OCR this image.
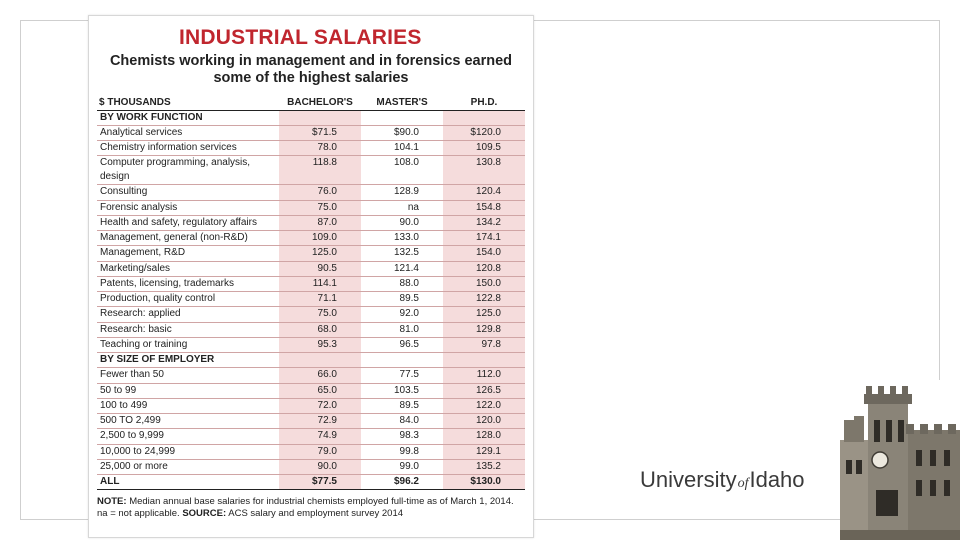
INDUSTRIAL SALARIES
Chemists working in management and in forensics earned
some of the highest salaries
$ THOUSANDS	BACHELOR'S	MASTER'S	PH.D.
BY WORK FUNCTION			
Analytical services	$71.5	$90.0	$120.0
Chemistry information services	78.0	104.1	109.5
Computer programming, analysis, design	118.8	108.0	130.8
Consulting	76.0	128.9	120.4
Forensic analysis	75.0	na	154.8
Health and safety, regulatory affairs	87.0	90.0	134.2
Management, general (non-R&D)	109.0	133.0	174.1
Management, R&D	125.0	132.5	154.0
Marketing/sales	90.5	121.4	120.8
Patents, licensing, trademarks	114.1	88.0	150.0
Production, quality control	71.1	89.5	122.8
Research: applied	75.0	92.0	125.0
Research: basic	68.0	81.0	129.8
Teaching or training	95.3	96.5	97.8
BY SIZE OF EMPLOYER			
Fewer than 50	66.0	77.5	112.0
50 to 99	65.0	103.5	126.5
100 to 499	72.0	89.5	122.0
500 TO 2,499	72.9	84.0	120.0
2,500 to 9,999	74.9	98.3	128.0
10,000 to 24,999	79.0	99.8	129.1
25,000 or more	90.0	99.0	135.2
ALL	$77.5	$96.2	$130.0
NOTE: Median annual base salaries for industrial chemists employed full-time as of March 1, 2014. na = not applicable. SOURCE: ACS salary and employment survey 2014
UniversityofIdaho
